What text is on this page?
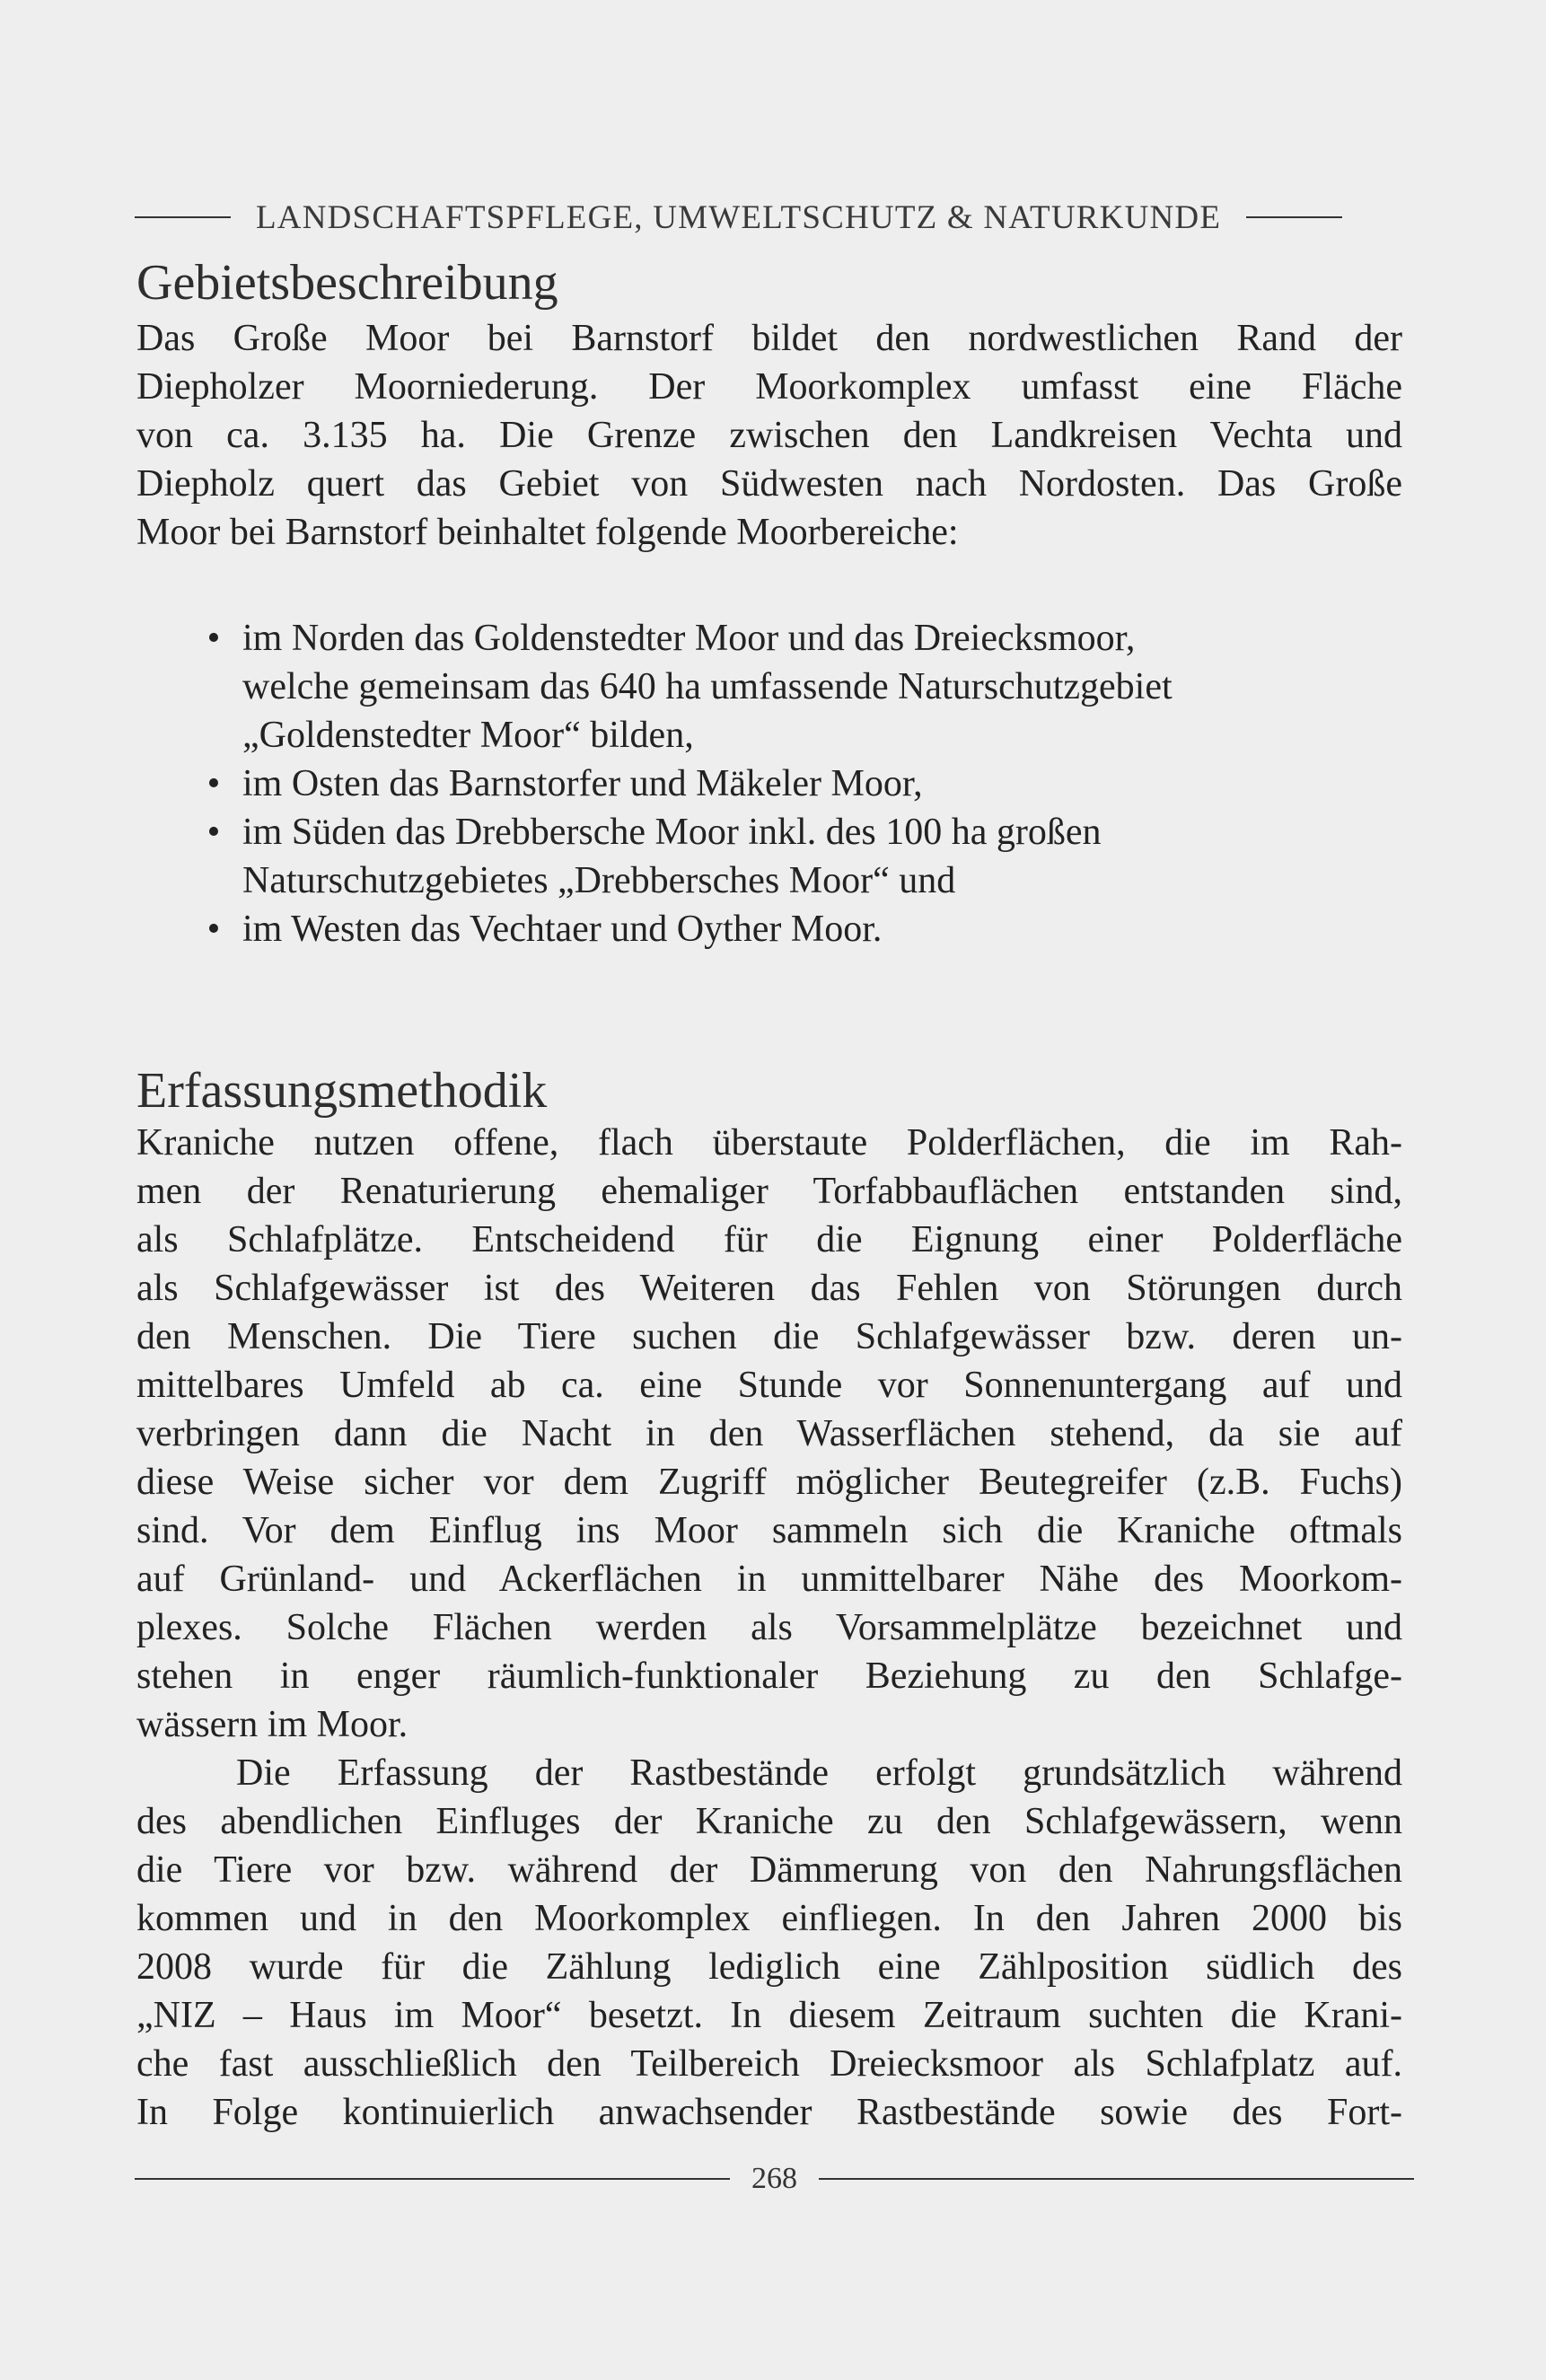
LANDSCHAFTSPFLEGE, UMWELTSCHUTZ & NATURKUNDE
Gebietsbeschreibung
Das Große Moor bei Barnstorf bildet den nordwestlichen Rand der
Diepholzer Moorniederung. Der Moorkomplex umfasst eine Fläche
von ca. 3.135 ha. Die Grenze zwischen den Landkreisen Vechta und
Diepholz quert das Gebiet von Südwesten nach Nordosten. Das Große
Moor bei Barnstorf beinhaltet folgende Moorbereiche:
• im Norden das Goldenstedter Moor und das Dreiecksmoor,
welche gemeinsam das 640 ha umfassende Naturschutzgebiet
„Goldenstedter Moor“ bilden,
• im Osten das Barnstorfer und Mäkeler Moor,
• im Süden das Drebbersche Moor inkl. des 100 ha großen
Naturschutzgebietes „Drebbersches Moor“ und
• im Westen das Vechtaer und Oyther Moor.
Erfassungsmethodik
Kraniche nutzen offene, flach überstaute Polderflächen, die im Rah-
men der Renaturierung ehemaliger Torfabbauflächen entstanden sind,
als Schlafplätze. Entscheidend für die Eignung einer Polderfläche
als Schlafgewässer ist des Weiteren das Fehlen von Störungen durch
den Menschen. Die Tiere suchen die Schlafgewässer bzw. deren un-
mittelbares Umfeld ab ca. eine Stunde vor Sonnenuntergang auf und
verbringen dann die Nacht in den Wasserflächen stehend, da sie auf
diese Weise sicher vor dem Zugriff möglicher Beutegreifer (z.B. Fuchs)
sind. Vor dem Einflug ins Moor sammeln sich die Kraniche oftmals
auf Grünland- und Ackerflächen in unmittelbarer Nähe des Moorkom-
plexes. Solche Flächen werden als Vorsammelplätze bezeichnet und
stehen in enger räumlich-funktionaler Beziehung zu den Schlafge-
wässern im Moor.
Die Erfassung der Rastbestände erfolgt grundsätzlich während
des abendlichen Einfluges der Kraniche zu den Schlafgewässern, wenn
die Tiere vor bzw. während der Dämmerung von den Nahrungsflächen
kommen und in den Moorkomplex einfliegen. In den Jahren 2000 bis
2008 wurde für die Zählung lediglich eine Zählposition südlich des
„NIZ – Haus im Moor“ besetzt. In diesem Zeitraum suchten die Krani-
che fast ausschließlich den Teilbereich Dreiecksmoor als Schlafplatz auf.
In Folge kontinuierlich anwachsender Rastbestände sowie des Fort-
268
